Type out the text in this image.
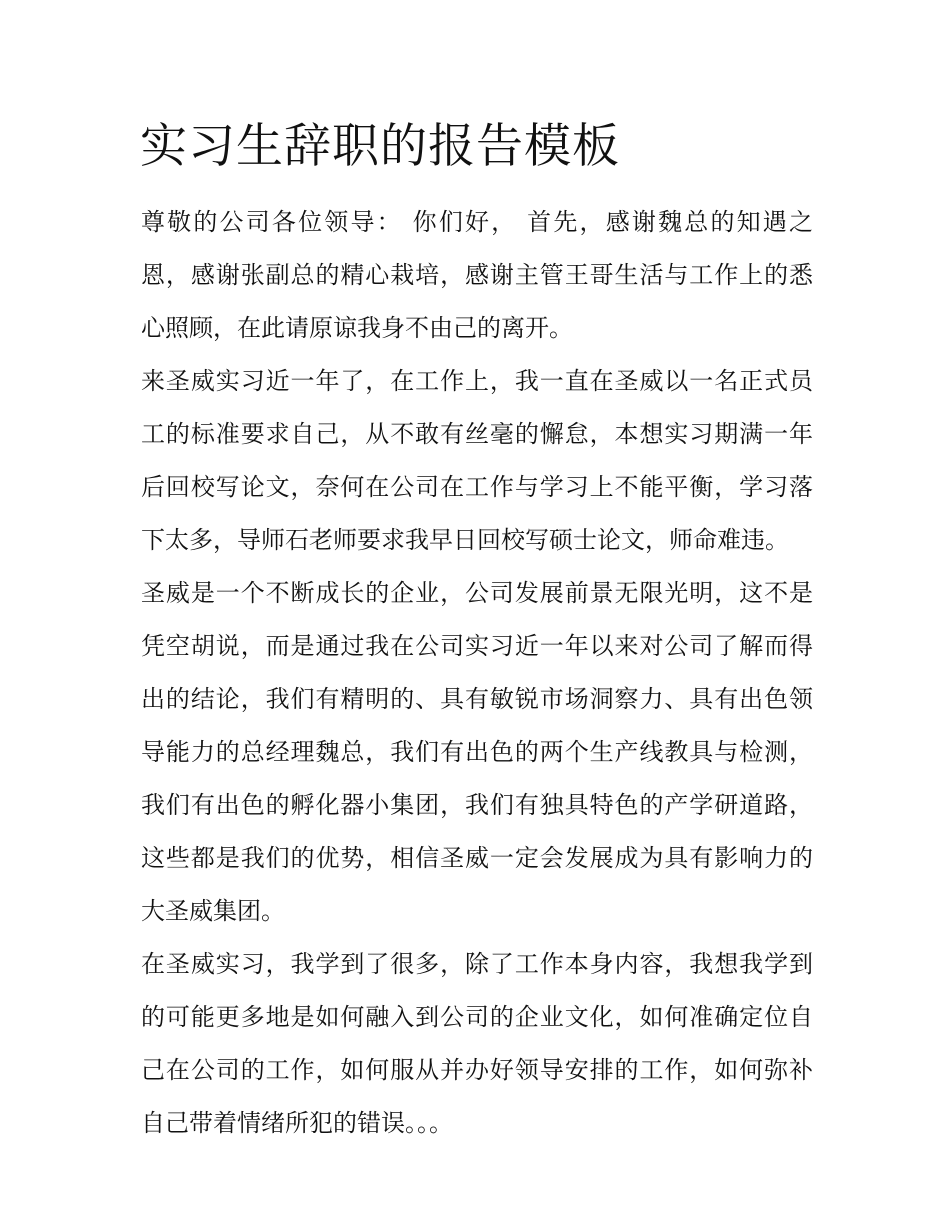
实习生辞职的报告模板
尊敬的公司各位领导： 你们好， 首先，感谢魏总的知遇之
恩，感谢张副总的精心栽培，感谢主管王哥生活与工作上的悉
心照顾，在此请原谅我身不由己的离开。
来圣威实习近一年了，在工作上，我一直在圣威以一名正式员
工的标准要求自己，从不敢有丝毫的懈怠，本想实习期满一年
后回校写论文，奈何在公司在工作与学习上不能平衡，学习落
下太多，导师石老师要求我早日回校写硕士论文，师命难违。
圣威是一个不断成长的企业，公司发展前景无限光明，这不是
凭空胡说，而是通过我在公司实习近一年以来对公司了解而得
出的结论，我们有精明的、具有敏锐市场洞察力、具有出色领
导能力的总经理魏总，我们有出色的两个生产线教具与检测，
我们有出色的孵化器小集团，我们有独具特色的产学研道路，
这些都是我们的优势，相信圣威一定会发展成为具有影响力的
大圣威集团。
在圣威实习，我学到了很多，除了工作本身内容，我想我学到
的可能更多地是如何融入到公司的企业文化，如何准确定位自
己在公司的工作，如何服从并办好领导安排的工作，如何弥补
自己带着情绪所犯的错误。。。
